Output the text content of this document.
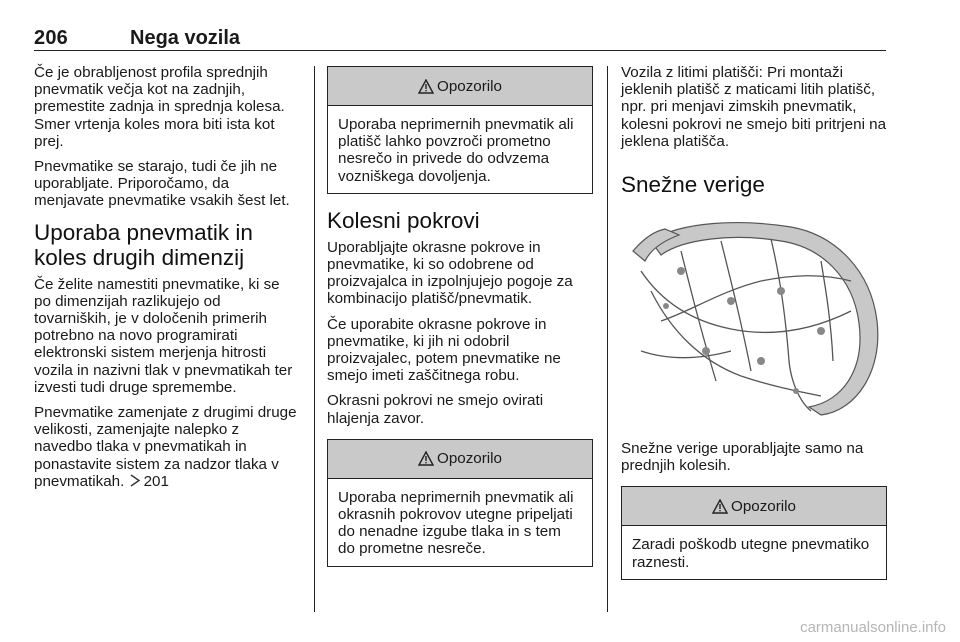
206	Nega vozila

Če je obrabljenost profila sprednjih pnevmatik večja kot na zadnjih, premestite zadnja in sprednja kolesa. Smer vrtenja koles mora biti ista kot prej.

Pnevmatike se starajo, tudi če jih ne uporabljate. Priporočamo, da menjavate pnevmatike vsakih šest let.

Uporaba pnevmatik in koles drugih dimenzij

Če želite namestiti pnevmatike, ki se po dimenzijah razlikujejo od tovarniških, je v določenih primerih potrebno na novo programirati elektronski sistem merjenja hitrosti vozila in nazivni tlak v pnevmatikah ter izvesti tudi druge spremembe.

Pnevmatike zamenjate z drugimi druge velikosti, zamenjajte nalepko z navedbo tlaka v pnevmatikah in ponastavite sistem za nadzor tlaka v pnevmatikah. 201

Opozorilo

Uporaba neprimernih pnevmatik ali platišč lahko povzroči prometno nesrečo in privede do odvzema vozniškega dovoljenja.

Kolesni pokrovi

Uporabljajte okrasne pokrove in pnevmatike, ki so odobrene od proizvajalca in izpolnjujejo pogoje za kombinacijo platišč/pnevmatik.

Če uporabite okrasne pokrove in pnevmatike, ki jih ni odobril proizvajalec, potem pnevmatike ne smejo imeti zaščitnega robu.

Okrasni pokrovi ne smejo ovirati hlajenja zavor.

Opozorilo

Uporaba neprimernih pnevmatik ali okrasnih pokrovov utegne pripeljati do nenadne izgube tlaka in s tem do prometne nesreče.

Vozila z litimi platišči: Pri montaži jeklenih platišč z maticami litih platišč, npr. pri menjavi zimskih pnevmatik, kolesni pokrovi ne smejo biti pritrjeni na jeklena platišča.

Snežne verige

Snežne verige uporabljajte samo na prednjih kolesih.

Opozorilo

Zaradi poškodb utegne pnevmatiko raznesti.

carmanualsonline.info
